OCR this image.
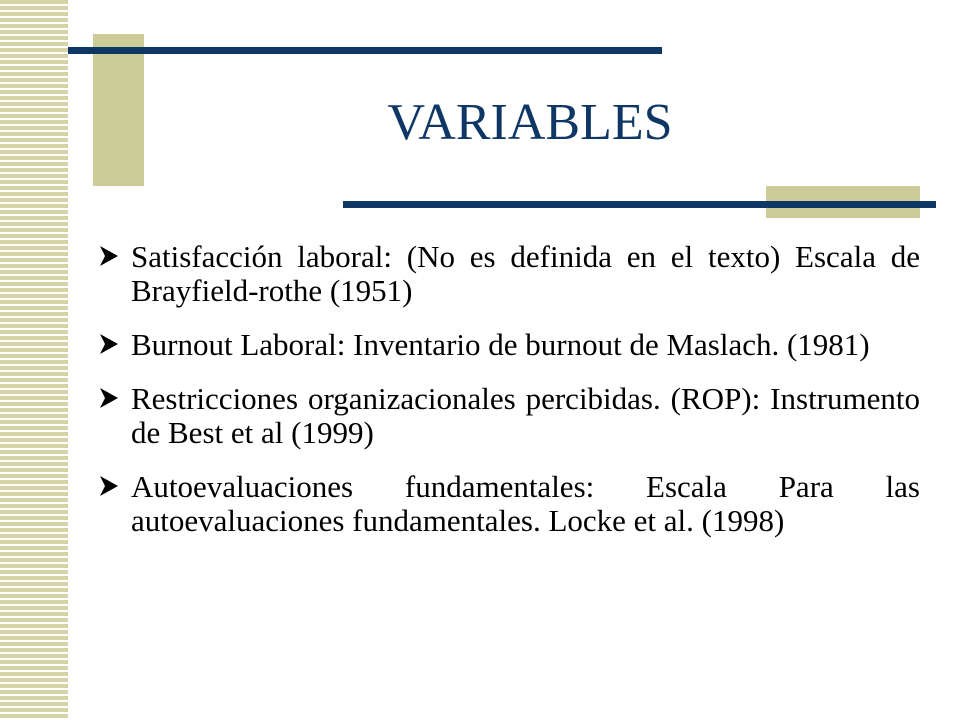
VARIABLES
Satisfacción laboral: (No es definida en el texto) Escala de Brayfield-rothe (1951)
Burnout Laboral: Inventario de burnout de Maslach. (1981)
Restricciones organizacionales percibidas. (ROP): Instrumento de Best et al (1999)
Autoevaluaciones fundamentales: Escala Para las autoevaluaciones fundamentales. Locke et al. (1998)
